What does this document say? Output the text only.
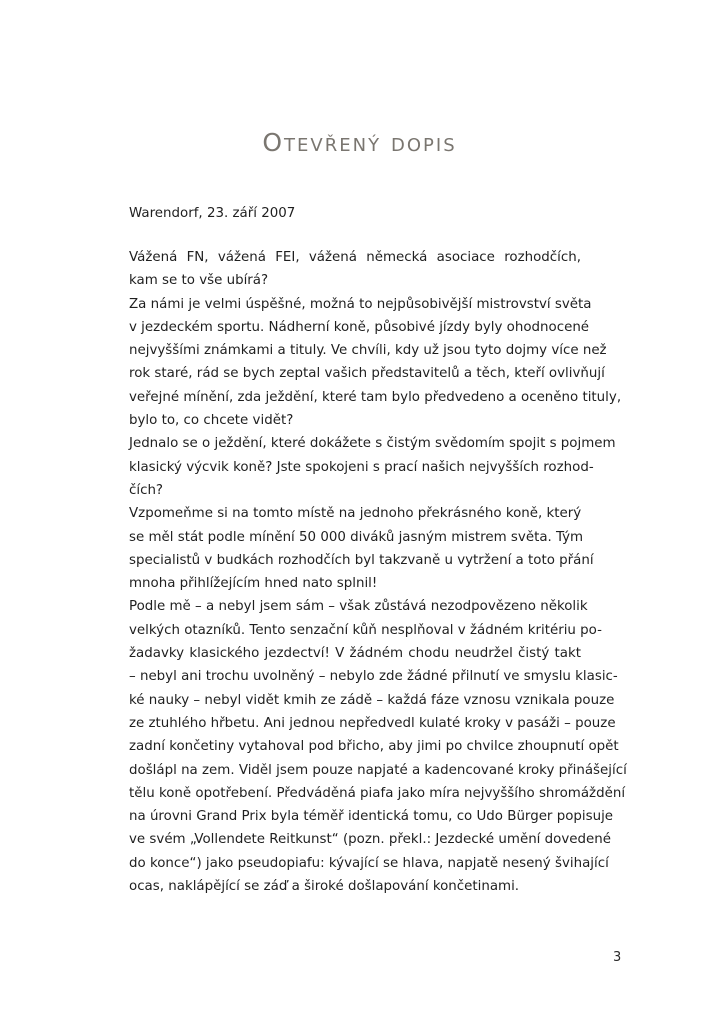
Otevřený dopis

Warendorf, 23. září 2007

Vážená FN, vážená FEI, vážená německá asociace rozhodčích,
kam se to vše ubírá?

Za námi je velmi úspěšné, možná to nejpůsobivější mistrovství světa
v jezdeckém sportu. Nádherní koně, působivé jízdy byly ohodnocené
nejvyššími známkami a tituly. Ve chvíli, kdy už jsou tyto dojmy více než
rok staré, rád se bych zeptal vašich představitelů a těch, kteří ovlivňují
veřejné mínění, zda ježdění, které tam bylo předvedeno a oceněno tituly,
bylo to, co chcete vidět?

Jednalo se o ježdění, které dokážete s čistým svědomím spojit s pojmem
klasický výcvik koně? Jste spokojeni s prací našich nejvyšších rozhod-
čích?

Vzpomeňme si na tomto místě na jednoho překrásného koně, který
se měl stát podle mínění 50 000 diváků jasným mistrem světa. Tým
specialistů v budkách rozhodčích byl takzvaně u vytržení a toto přání
mnoha přihlížejícím hned nato splnil!

Podle mě – a nebyl jsem sám – však zůstává nezodpovězeno několik
velkých otazníků. Tento senzační kůň nesplňoval v žádném kritériu po-
žadavky klasického jezdectví! V žádném chodu neudržel čistý takt
– nebyl ani trochu uvolněný – nebylo zde žádné přilnutí ve smyslu klasic-
ké nauky – nebyl vidět kmih ze zádě – každá fáze vznosu vznikala pouze
ze ztuhlého hřbetu. Ani jednou nepředvedl kulaté kroky v pasáži – pouze
zadní končetiny vytahoval pod břicho, aby jimi po chvilce zhoupnutí opět
došlápl na zem. Viděl jsem pouze napjaté a kadencované kroky přinášející
tělu koně opotřebení. Předváděná piafa jako míra nejvyššího shromáždění
na úrovni Grand Prix byla téměř identická tomu, co Udo Bürger popisuje
ve svém „Vollendete Reitkunst“ (pozn. překl.: Jezdecké umění dovedené
do konce“) jako pseudopiafu: kývající se hlava, napjatě nesený švihající
ocas, naklápějící se záď a široké došlapování končetinami.

3
